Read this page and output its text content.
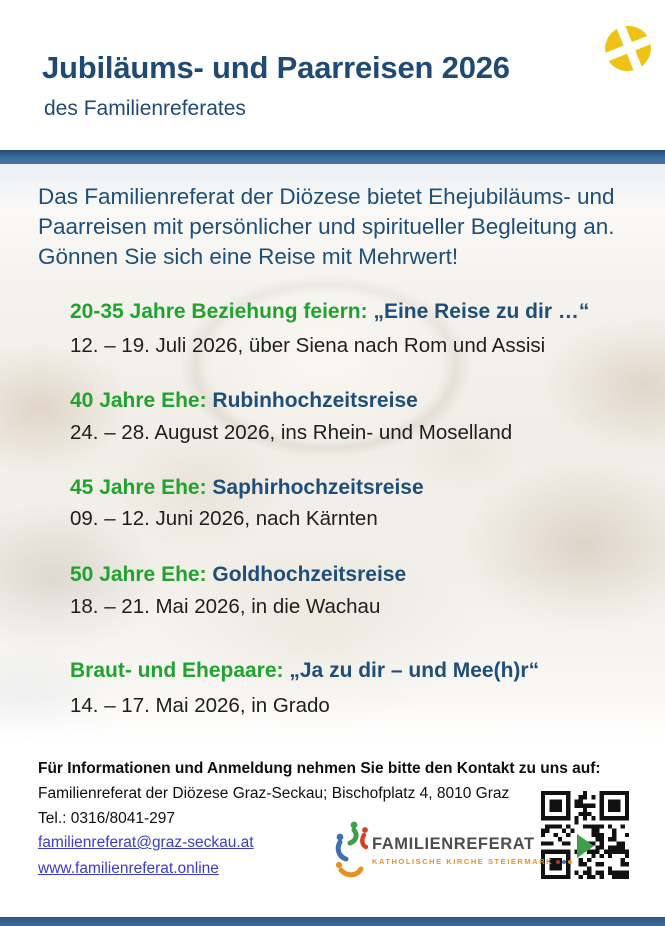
Jubiläums- und Paarreisen 2026
des Familienreferates
Das Familienreferat der Diözese bietet Ehejubiläums- und
Paarreisen mit persönlicher und spiritueller Begleitung an.
Gönnen Sie sich eine Reise mit Mehrwert!
20-35 Jahre Beziehung feiern: „Eine Reise zu dir …“
12. – 19. Juli 2026, über Siena nach Rom und Assisi
40 Jahre Ehe: Rubinhochzeitsreise
24. – 28. August 2026, ins Rhein- und Moselland
45 Jahre Ehe: Saphirhochzeitsreise
09. – 12. Juni 2026, nach Kärnten
50 Jahre Ehe: Goldhochzeitsreise
18. – 21. Mai 2026, in die Wachau
Braut- und Ehepaare: „Ja zu dir – und Mee(h)r“
14. – 17. Mai 2026, in Grado
Für Informationen und Anmeldung nehmen Sie bitte den Kontakt zu uns auf:
Familienreferat der Diözese Graz-Seckau; Bischofplatz 4, 8010 Graz
Tel.: 0316/8041-297
familienreferat@graz-seckau.at
www.familienreferat.online
FAMILIENREFERAT
KATHOLISCHE KIRCHE STEIERMARK
